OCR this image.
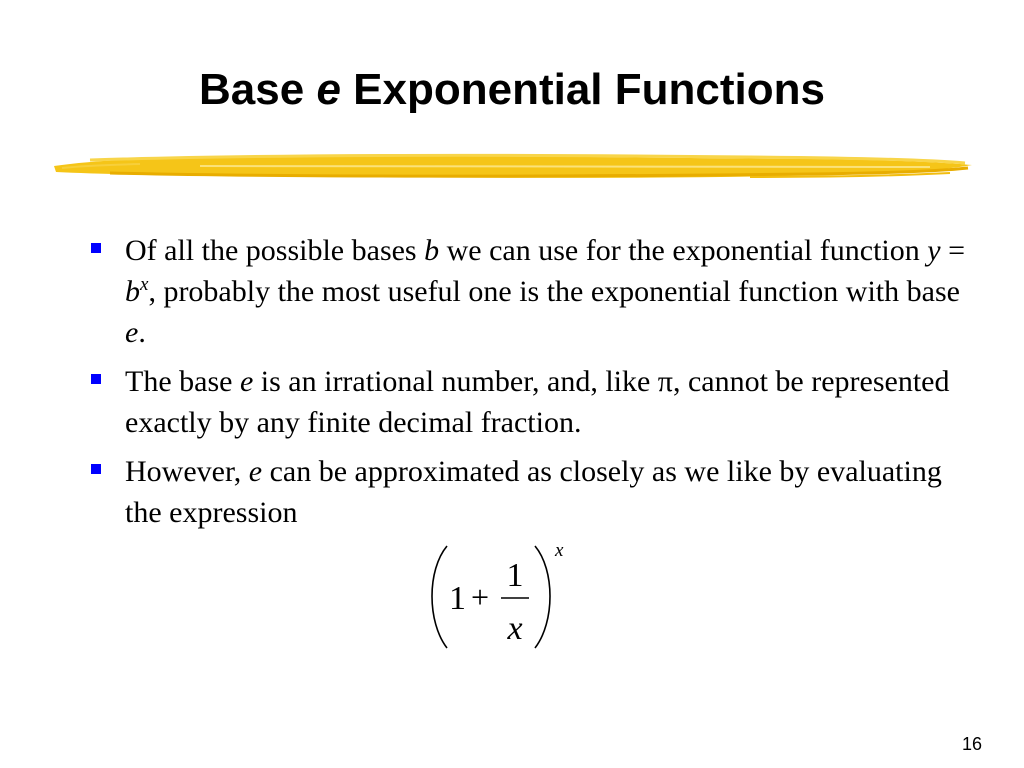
Base e Exponential Functions
Of all the possible bases b we can use for the exponential function $y = b^x$, probably the most useful one is the exponential function with base e.
The base e is an irrational number, and, like π, cannot be represented exactly by any finite decimal fraction.
However, e can be approximated as closely as we like by evaluating the expression
1 +
1
x
x
16
